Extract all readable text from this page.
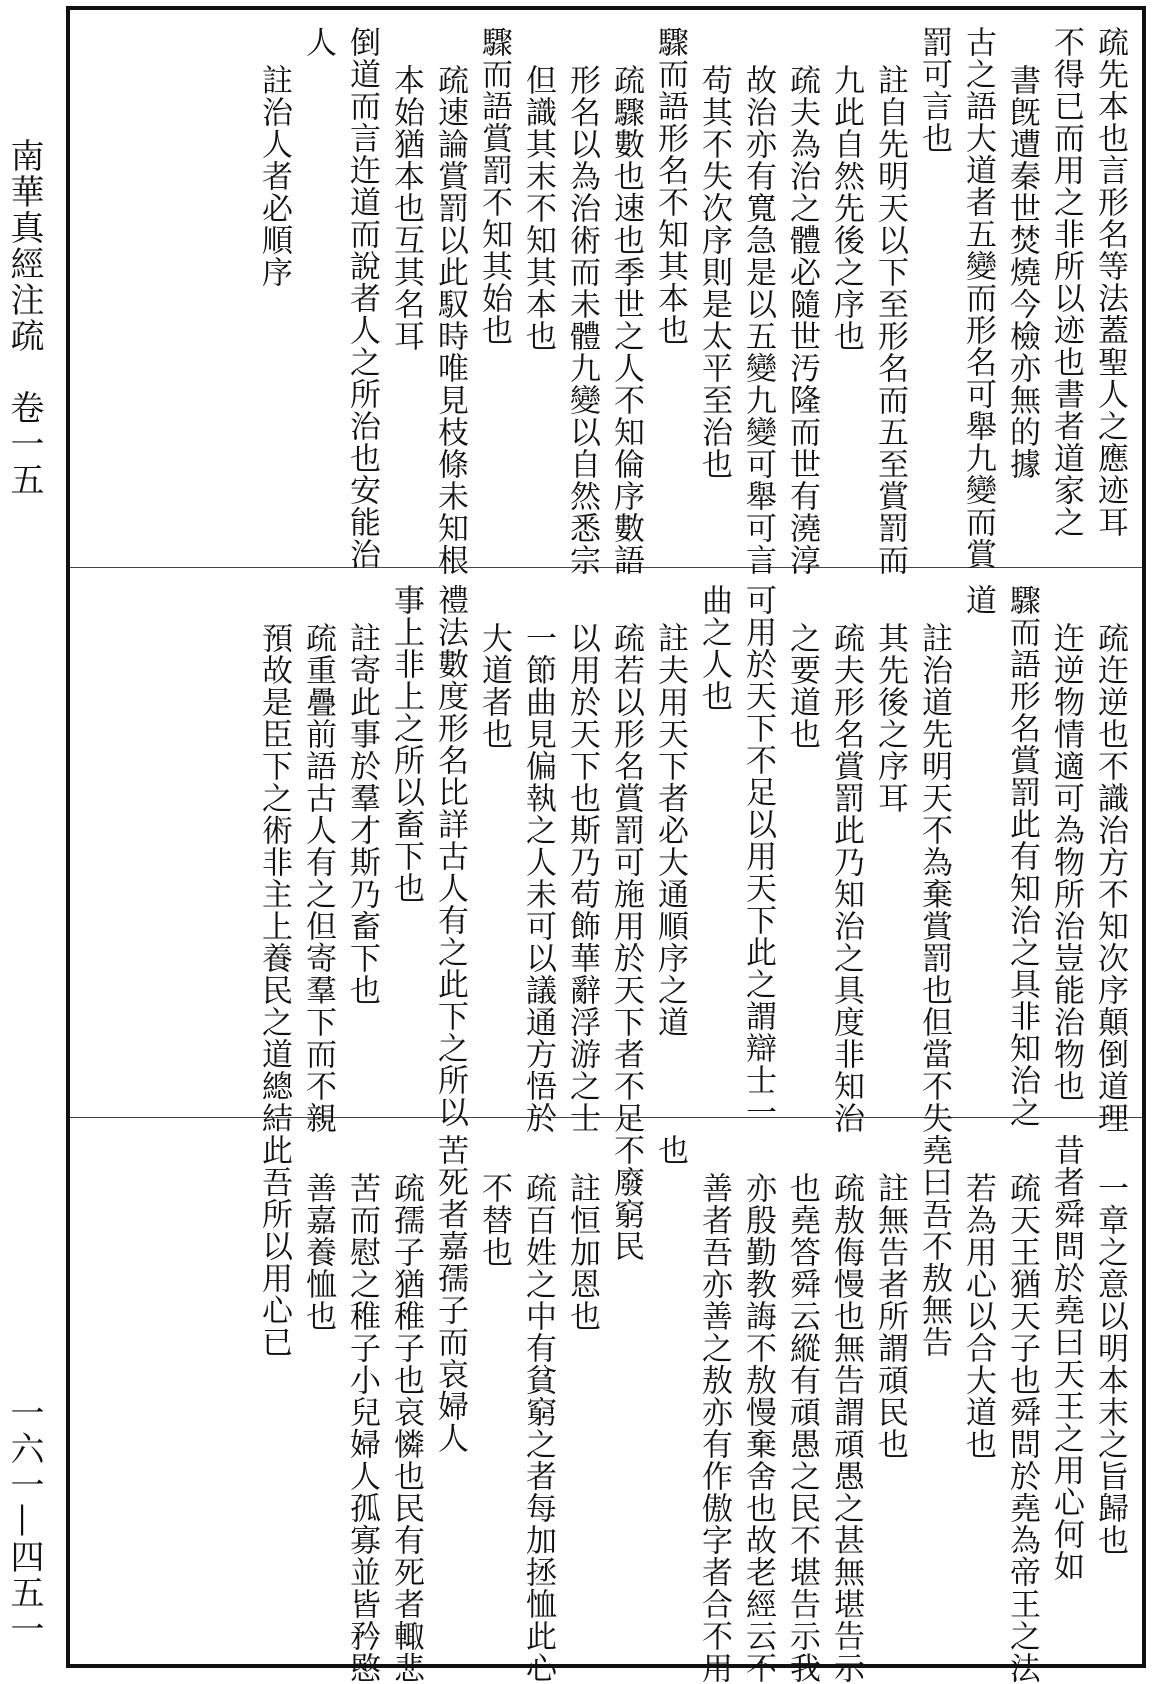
南華真經注疏　卷一五
一六一—四五一
疏先本也言形名等法蓋聖人之應迹耳
不得已而用之非所以迹也書者道家之
書旣遭秦世焚燒今檢亦無的據
古之語大道者五變而形名可舉九變而賞
罰可言也
註自先明天以下至形名而五至賞罰而
九此自然先後之序也
疏夫為治之體必隨世汚隆而世有澆淳
故治亦有寬急是以五變九變可舉可言
苟其不失次序則是太平至治也
驟而語形名不知其本也
疏驟數也速也季世之人不知倫序數語
形名以為治術而未體九變以自然悉宗
但識其末不知其本也
驟而語賞罰不知其始也
疏速論賞罰以此馭時唯見枝條未知根
本始猶本也互其名耳
倒道而言迕道而說者人之所治也安能治
人
註治人者必順序
疏迕逆也不識治方不知次序顛倒道理
迕逆物情適可為物所治豈能治物也
驟而語形名賞罰此有知治之具非知治之
道
註治道先明天不為棄賞罰也但當不失
其先後之序耳
疏夫形名賞罰此乃知治之具度非知治
之要道也
可用於天下不足以用天下此之謂辯士一
曲之人也
註夫用天下者必大通順序之道
疏若以形名賞罰可施用於天下者不足
以用於天下也斯乃苟飾華辭浮游之士
一節曲見偏執之人未可以議通方悟於
大道者也
禮法數度形名比詳古人有之此下之所以
事上非上之所以畜下也
註寄此事於羣才斯乃畜下也
疏重疊前語古人有之但寄羣下而不親
預故是臣下之術非主上養民之道總結
一章之意以明本末之旨歸也
昔者舜問於堯曰天王之用心何如
疏天王猶天子也舜問於堯為帝王之法
若為用心以合大道也
堯曰吾不敖無告
註無告者所謂頑民也
疏敖侮慢也無告謂頑愚之甚無堪告示
也堯答舜云縱有頑愚之民不堪告示我
亦殷勤教誨不敖慢棄舍也故老經云不
善者吾亦善之敖亦有作傲字者合不用
也
不廢窮民
註恒加恩也
疏百姓之中有貧窮之者每加拯恤此心
不替也
苦死者嘉孺子而哀婦人
疏孺子猶稚子也哀憐也民有死者輙悲
苦而慰之稚子小兒婦人孤寡並皆矜愍
善嘉養恤也
此吾所以用心已
